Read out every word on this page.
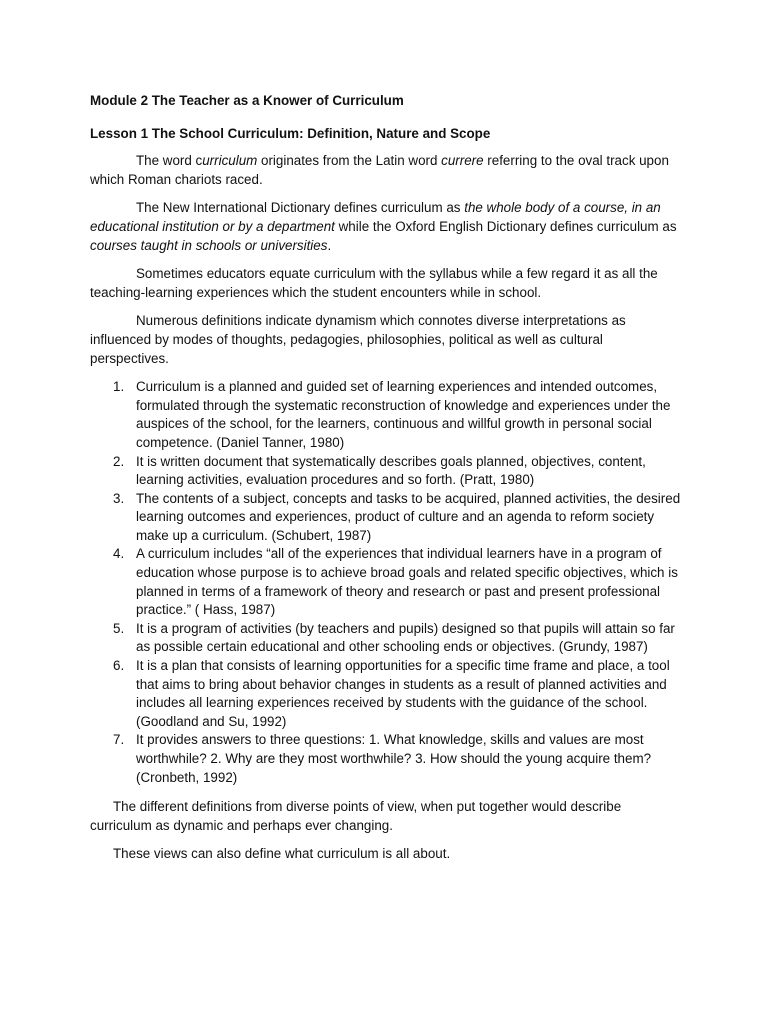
Module 2 The Teacher as a Knower of Curriculum
Lesson 1 The School Curriculum: Definition, Nature and Scope

The word curriculum originates from the Latin word currere referring to the oval track upon which Roman chariots raced.

The New International Dictionary defines curriculum as the whole body of a course, in an educational institution or by a department while the Oxford English Dictionary defines curriculum as courses taught in schools or universities.

Sometimes educators equate curriculum with the syllabus while a few regard it as all the teaching-learning experiences which the student encounters while in school.

Numerous definitions indicate dynamism which connotes diverse interpretations as influenced by modes of thoughts, pedagogies, philosophies, political as well as cultural perspectives.

1. Curriculum is a planned and guided set of learning experiences and intended outcomes, formulated through the systematic reconstruction of knowledge and experiences under the auspices of the school, for the learners, continuous and willful growth in personal social competence. (Daniel Tanner, 1980)
2. It is written document that systematically describes goals planned, objectives, content, learning activities, evaluation procedures and so forth. (Pratt, 1980)
3. The contents of a subject, concepts and tasks to be acquired, planned activities, the desired learning outcomes and experiences, product of culture and an agenda to reform society make up a curriculum. (Schubert, 1987)
4. A curriculum includes “all of the experiences that individual learners have in a program of education whose purpose is to achieve broad goals and related specific objectives, which is planned in terms of a framework of theory and research or past and present professional practice.” ( Hass, 1987)
5. It is a program of activities (by teachers and pupils) designed so that pupils will attain so far as possible certain educational and other schooling ends or objectives. (Grundy, 1987)
6. It is a plan that consists of learning opportunities for a specific time frame and place, a tool that aims to bring about behavior changes in students as a result of planned activities and includes all learning experiences received by students with the guidance of the school. (Goodland and Su, 1992)
7. It provides answers to three questions: 1. What knowledge, skills and values are most worthwhile? 2. Why are they most worthwhile? 3. How should the young acquire them? (Cronbeth, 1992)

The different definitions from diverse points of view, when put together would describe curriculum as dynamic and perhaps ever changing.

These views can also define what curriculum is all about.
